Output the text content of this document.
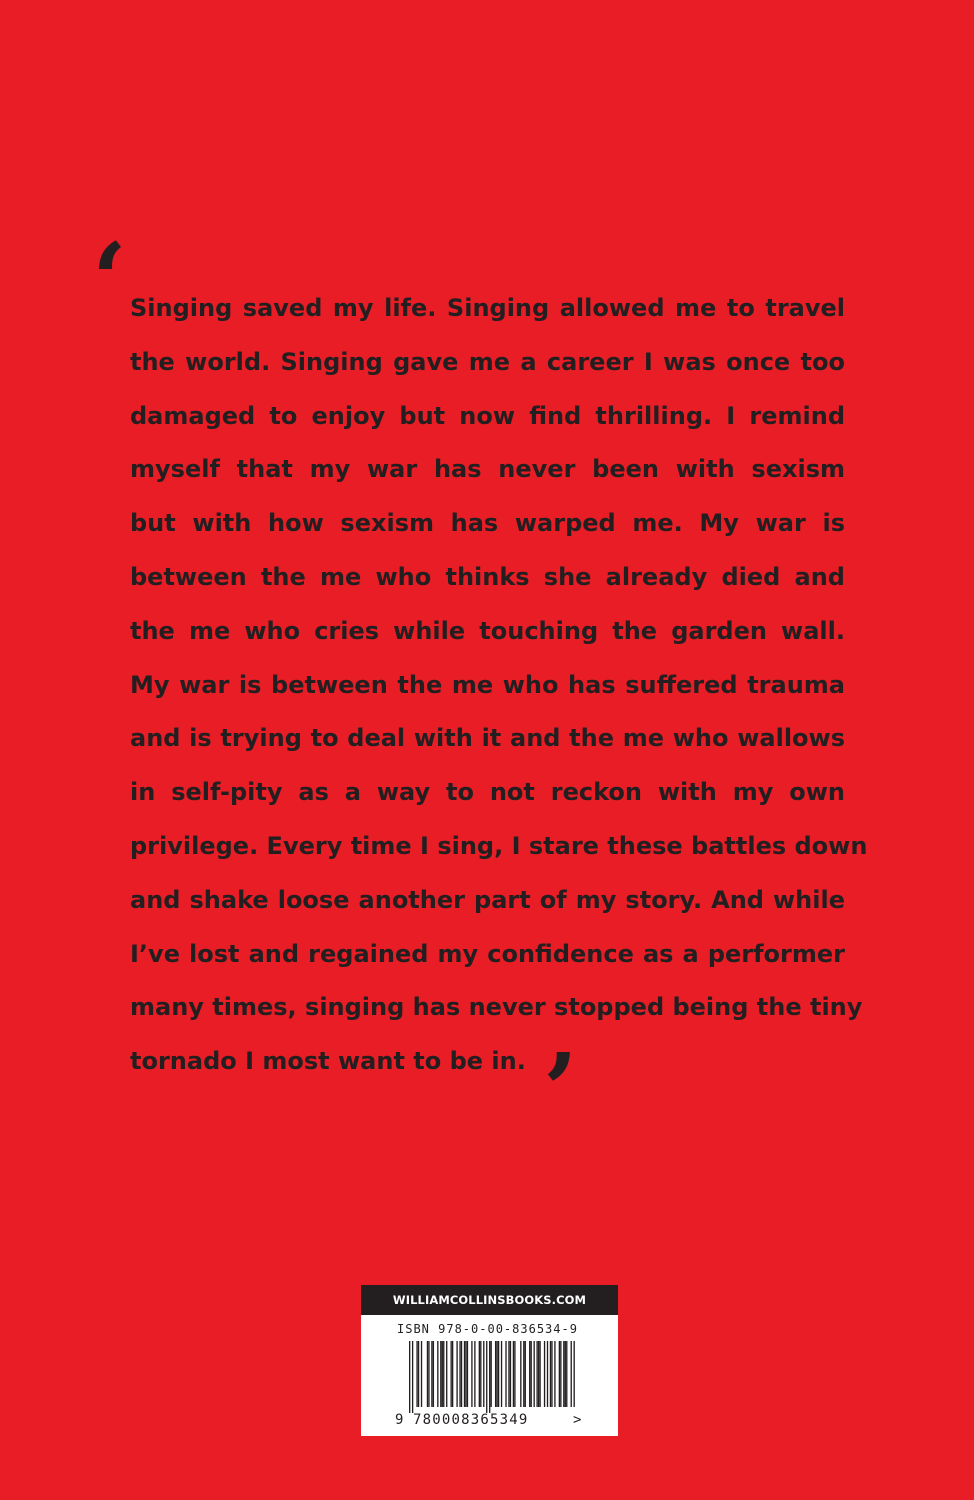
‘ Singing saved my life. Singing allowed me to travel
the world. Singing gave me a career I was once too
damaged to enjoy but now find thrilling. I remind
myself that my war has never been with sexism
but with how sexism has warped me. My war is
between the me who thinks she already died and
the me who cries while touching the garden wall.
My war is between the me who has suffered trauma
and is trying to deal with it and the me who wallows
in self-pity as a way to not reckon with my own
privilege. Every time I sing, I stare these battles down
and shake loose another part of my story. And while
I’ve lost and regained my confidence as a performer
many times, singing has never stopped being the tiny
tornado I most want to be in. ’
WILLIAMCOLLINSBOOKS.COM
ISBN 978-0-00-836534-9
9 780008365349	>
